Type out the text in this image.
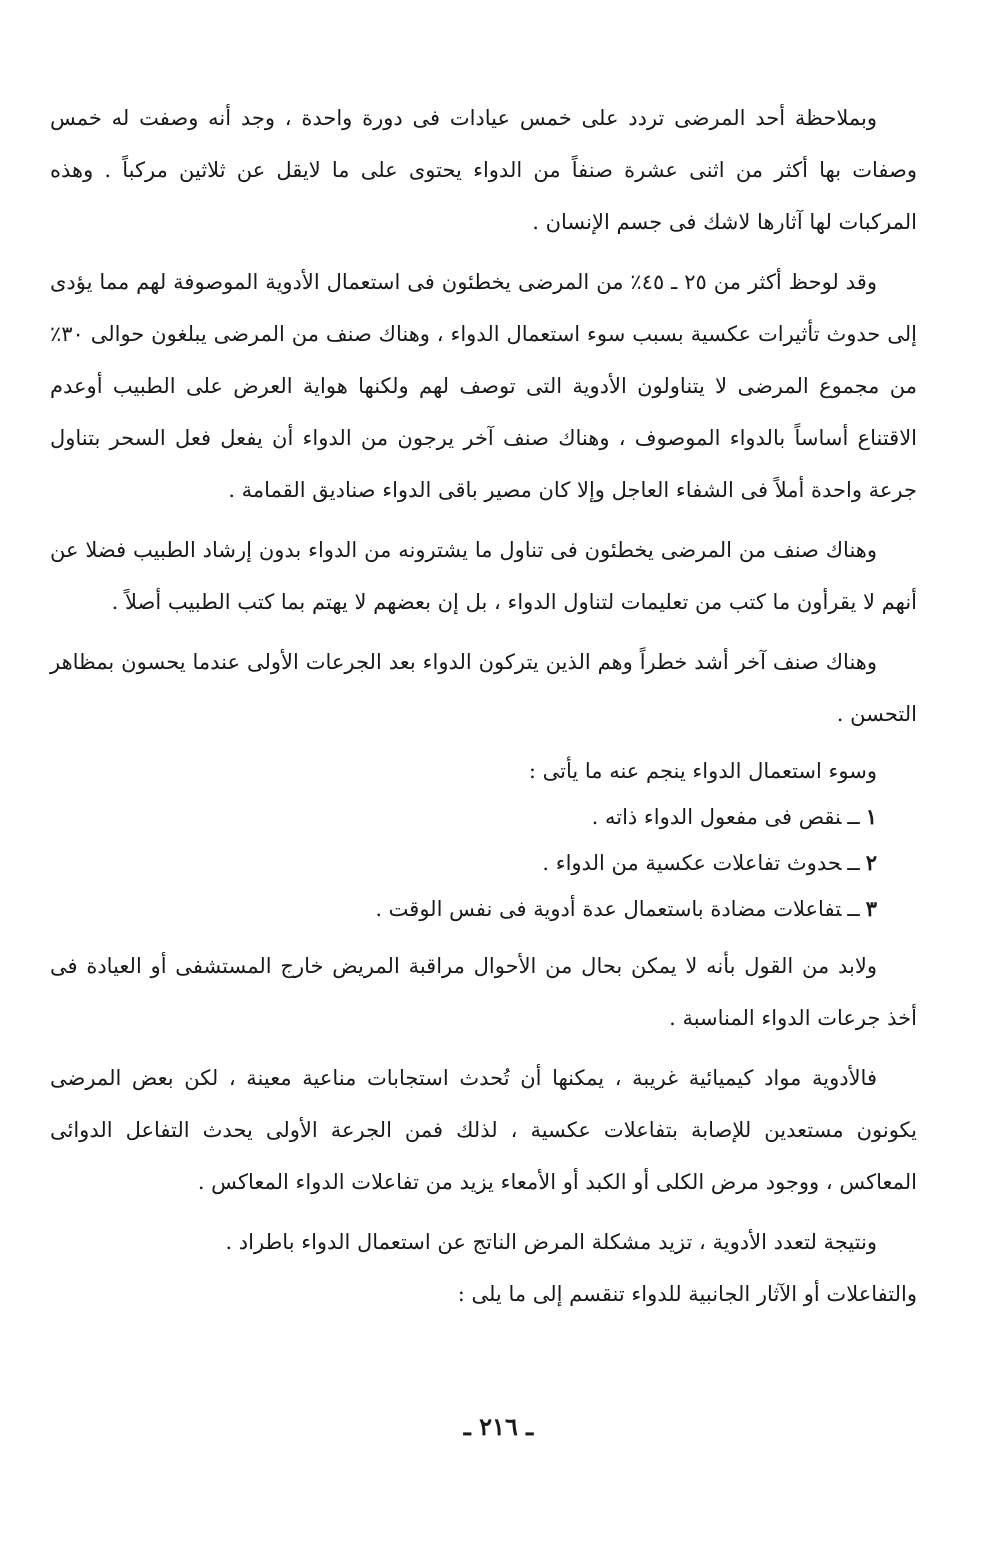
وبملاحظة أحد المرضى تردد على خمس عيادات فى دورة واحدة ، وجد أنه وصفت له خمس وصفات بها أكثر من اثنى عشرة صنفاً من الدواء يحتوى على ما لايقل عن ثلاثين مركباً . وهذه المركبات لها آثارها لاشك فى جسم الإنسان .

وقد لوحظ أكثر من ٢٥ ـ ٤٥٪ من المرضى يخطئون فى استعمال الأدوية الموصوفة لهم مما يؤدى إلى حدوث تأثيرات عكسية بسبب سوء استعمال الدواء ، وهناك صنف من المرضى يبلغون حوالى ٣٠٪ من مجموع المرضى لا يتناولون الأدوية التى توصف لهم ولكنها هواية العرض على الطبيب أوعدم الاقتناع أساساً بالدواء الموصوف ، وهناك صنف آخر يرجون من الدواء أن يفعل فعل السحر بتناول جرعة واحدة أملاً فى الشفاء العاجل وإلا كان مصير باقى الدواء صناديق القمامة .

وهناك صنف من المرضى يخطئون فى تناول ما يشترونه من الدواء بدون إرشاد الطبيب فضلا عن أنهم لا يقرأون ما كتب من تعليمات لتناول الدواء ، بل إن بعضهم لا يهتم بما كتب الطبيب أصلاً .

وهناك صنف آخر أشد خطراً وهم الذين يتركون الدواء بعد الجرعات الأولى عندما يحسون بمظاهر التحسن .

وسوء استعمال الدواء ينجم عنه ما يأتى :

١ــنقص فى مفعول الدواء ذاته .
٢ــحدوث تفاعلات عكسية من الدواء .
٣ــتفاعلات مضادة باستعمال عدة أدوية فى نفس الوقت .

ولابد من القول بأنه لا يمكن بحال من الأحوال مراقبة المريض خارج المستشفى أو العيادة فى أخذ جرعات الدواء المناسبة .

فالأدوية مواد كيميائية غريبة ، يمكنها أن تُحدث استجابات مناعية معينة ، لكن بعض المرضى يكونون مستعدين للإصابة بتفاعلات عكسية ، لذلك فمن الجرعة الأولى يحدث التفاعل الدوائى المعاكس ، ووجود مرض الكلى أو الكبد أو الأمعاء يزيد من تفاعلات الدواء المعاكس .

ونتيجة لتعدد الأدوية ، تزيد مشكلة المرض الناتج عن استعمال الدواء باطراد .

والتفاعلات أو الآثار الجانبية للدواء تنقسم إلى ما يلى :

ـ ٢١٦ ـ
